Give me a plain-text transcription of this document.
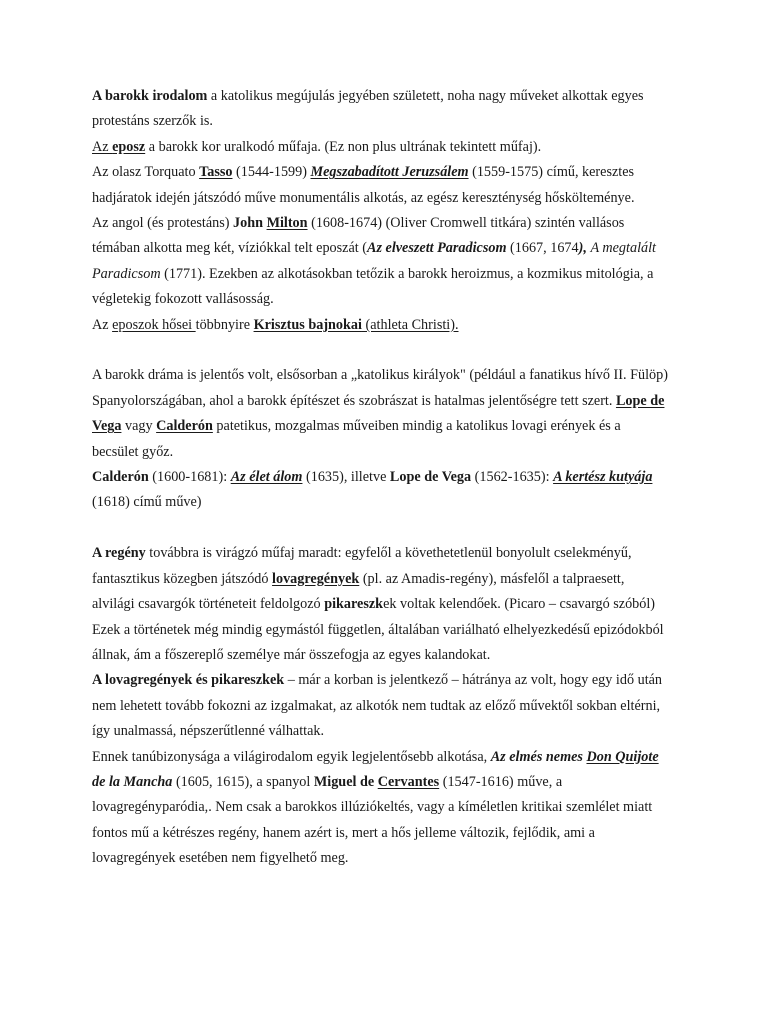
A barokk irodalom a katolikus megújulás jegyében született, noha nagy műveket alkottak egyes protestáns szerzők is.

Az eposz a barokk kor uralkodó műfaja. (Ez non plus ultrának tekintett műfaj).

Az olasz Torquato Tasso (1544-1599) Megszabadított Jeruzsálem (1559-1575) című, keresztes hadjáratok idején játszódó műve monumentális alkotás, az egész kereszténység hőskölteménye.

Az angol (és protestáns) John Milton (1608-1674) (Oliver Cromwell titkára) szintén vallásos témában alkotta meg két, víziókkal telt eposzát (Az elveszett Paradicsom (1667, 1674), A megtalált Paradicsom (1771). Ezekben az alkotásokban tetőzik a barokk heroizmus, a kozmikus mitológia, a végletekig fokozott vallásosság.

Az eposzok hősei többnyire Krisztus bajnokai (athleta Christi).

A barokk dráma is jelentős volt, elsősorban a „katolikus királyok" (például a fanatikus hívő II. Fülöp) Spanyolországában, ahol a barokk építészet és szobrászat is hatalmas jelentőségre tett szert. Lope de Vega vagy Calderón patetikus, mozgalmas műveiben mindig a katolikus lovagi erények és a becsület győz.

Calderón (1600-1681): Az élet álom (1635), illetve Lope de Vega (1562-1635): A kertész kutyája (1618) című műve)

A regény továbbra is virágzó műfaj maradt: egyfelől a követhetetlenül bonyolult cselekményű, fantasztikus közegben játszódó lovagregények (pl. az Amadis-regény), másfelől a talpraesett, alvilági csavargók történeteit feldolgozó pikareszkek voltak kelendőek. (Picaro – csavargó szóból) Ezek a történetek még mindig egymástól független, általában variálható elhelyezkedésű epizódokból állnak, ám a főszereplő személye már összefogja az egyes kalandokat.

A lovagregények és pikareszkek – már a korban is jelentkező – hátránya az volt, hogy egy idő után nem lehetett tovább fokozni az izgalmakat, az alkotók nem tudtak az előző művektől sokban eltérni, így unalmassá, népszerűtlenné válhattak.

Ennek tanúbizonysága a világirodalom egyik legjelentősebb alkotása, Az elmés nemes Don Quijote de la Mancha (1605, 1615), a spanyol Miguel de Cervantes (1547-1616) műve, a lovagregényparódia,. Nem csak a barokkos illúziókeltés, vagy a kíméletlen kritikai szemlélet miatt fontos mű a kétrészes regény, hanem azért is, mert a hős jelleme változik, fejlődik, ami a lovagregények esetében nem figyelhető meg.
